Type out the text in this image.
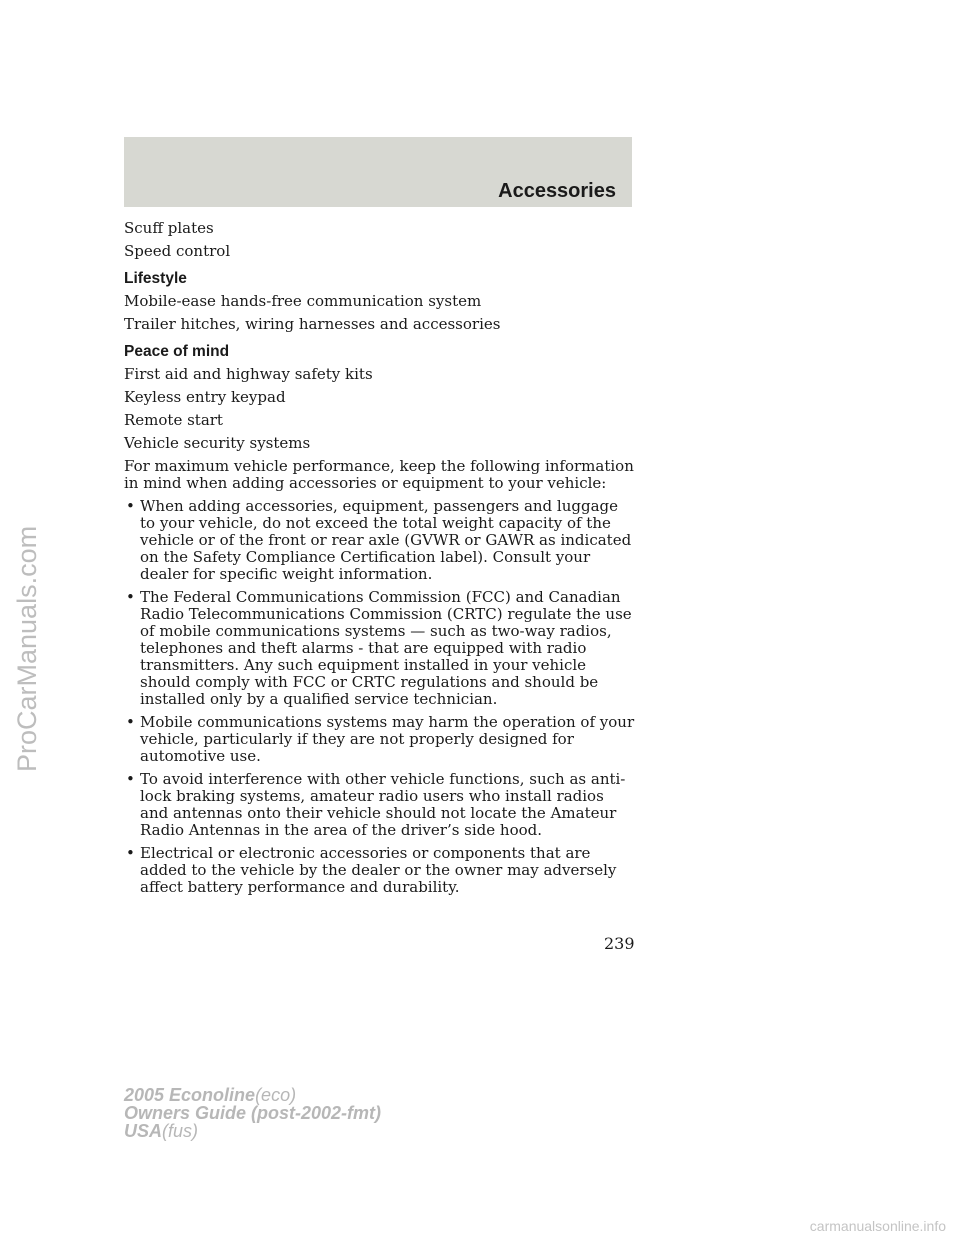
Accessories
Scuff plates
Speed control
Lifestyle
Mobile-ease hands-free communication system
Trailer hitches, wiring harnesses and accessories
Peace of mind
First aid and highway safety kits
Keyless entry keypad
Remote start
Vehicle security systems
For maximum vehicle performance, keep the following information in mind when adding accessories or equipment to your vehicle:
• When adding accessories, equipment, passengers and luggage to your vehicle, do not exceed the total weight capacity of the vehicle or of the front or rear axle (GVWR or GAWR as indicated on the Safety Compliance Certification label). Consult your dealer for specific weight information.
• The Federal Communications Commission (FCC) and Canadian Radio Telecommunications Commission (CRTC) regulate the use of mobile communications systems — such as two-way radios, telephones and theft alarms - that are equipped with radio transmitters. Any such equipment installed in your vehicle should comply with FCC or CRTC regulations and should be installed only by a qualified service technician.
• Mobile communications systems may harm the operation of your vehicle, particularly if they are not properly designed for automotive use.
• To avoid interference with other vehicle functions, such as anti-lock braking systems, amateur radio users who install radios and antennas onto their vehicle should not locate the Amateur Radio Antennas in the area of the driver’s side hood.
• Electrical or electronic accessories or components that are added to the vehicle by the dealer or the owner may adversely affect battery performance and durability.
239
2005 Econoline(eco)
Owners Guide (post-2002-fmt)
USA(fus)
ProCarManuals.com
carmanualsonline.info
